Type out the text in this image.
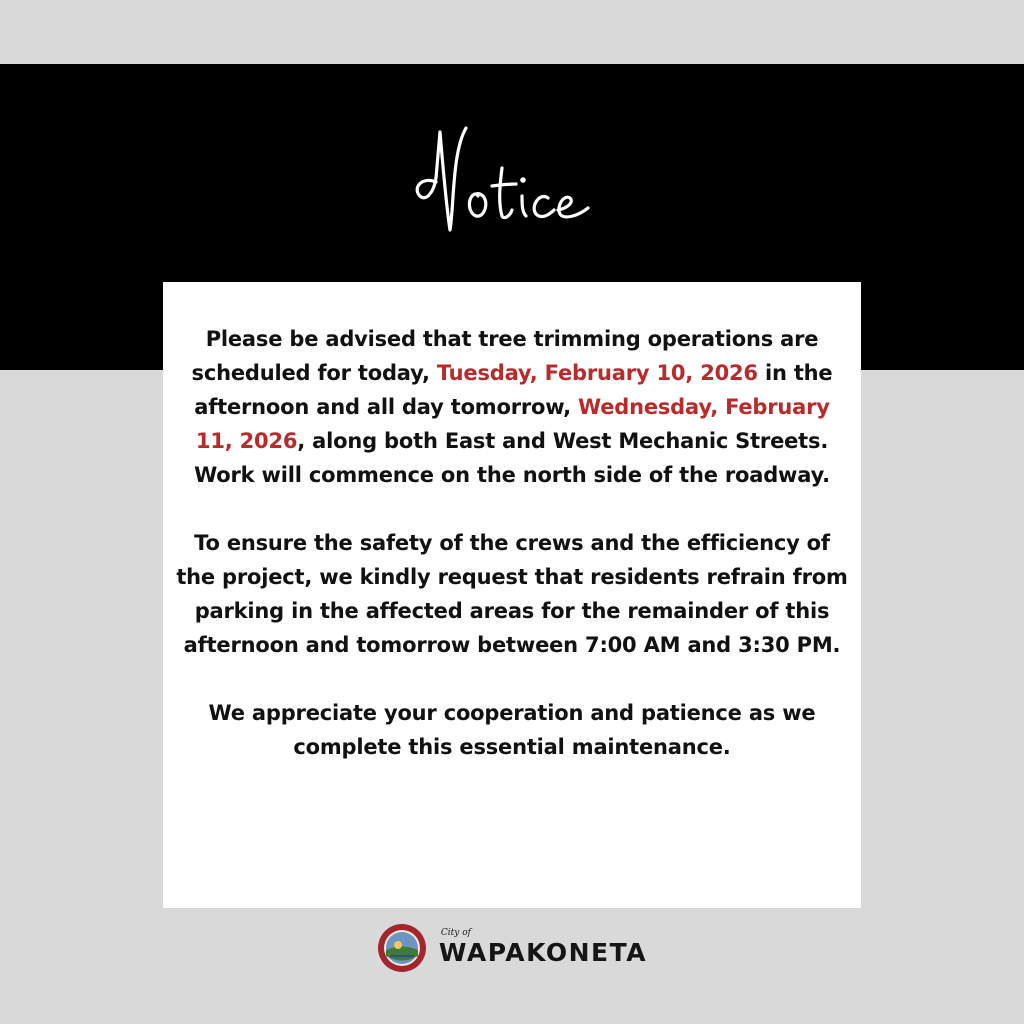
Please be advised that tree trimming operations are scheduled for today, Tuesday, February 10, 2026 in the afternoon and all day tomorrow, Wednesday, February 11, 2026, along both East and West Mechanic Streets. Work will commence on the north side of the roadway.

To ensure the safety of the crews and the efficiency of the project, we kindly request that residents refrain from parking in the affected areas for the remainder of this afternoon and tomorrow between 7:00 AM and 3:30 PM.

We appreciate your cooperation and patience as we complete this essential maintenance.

City of
WAPAKONETA
